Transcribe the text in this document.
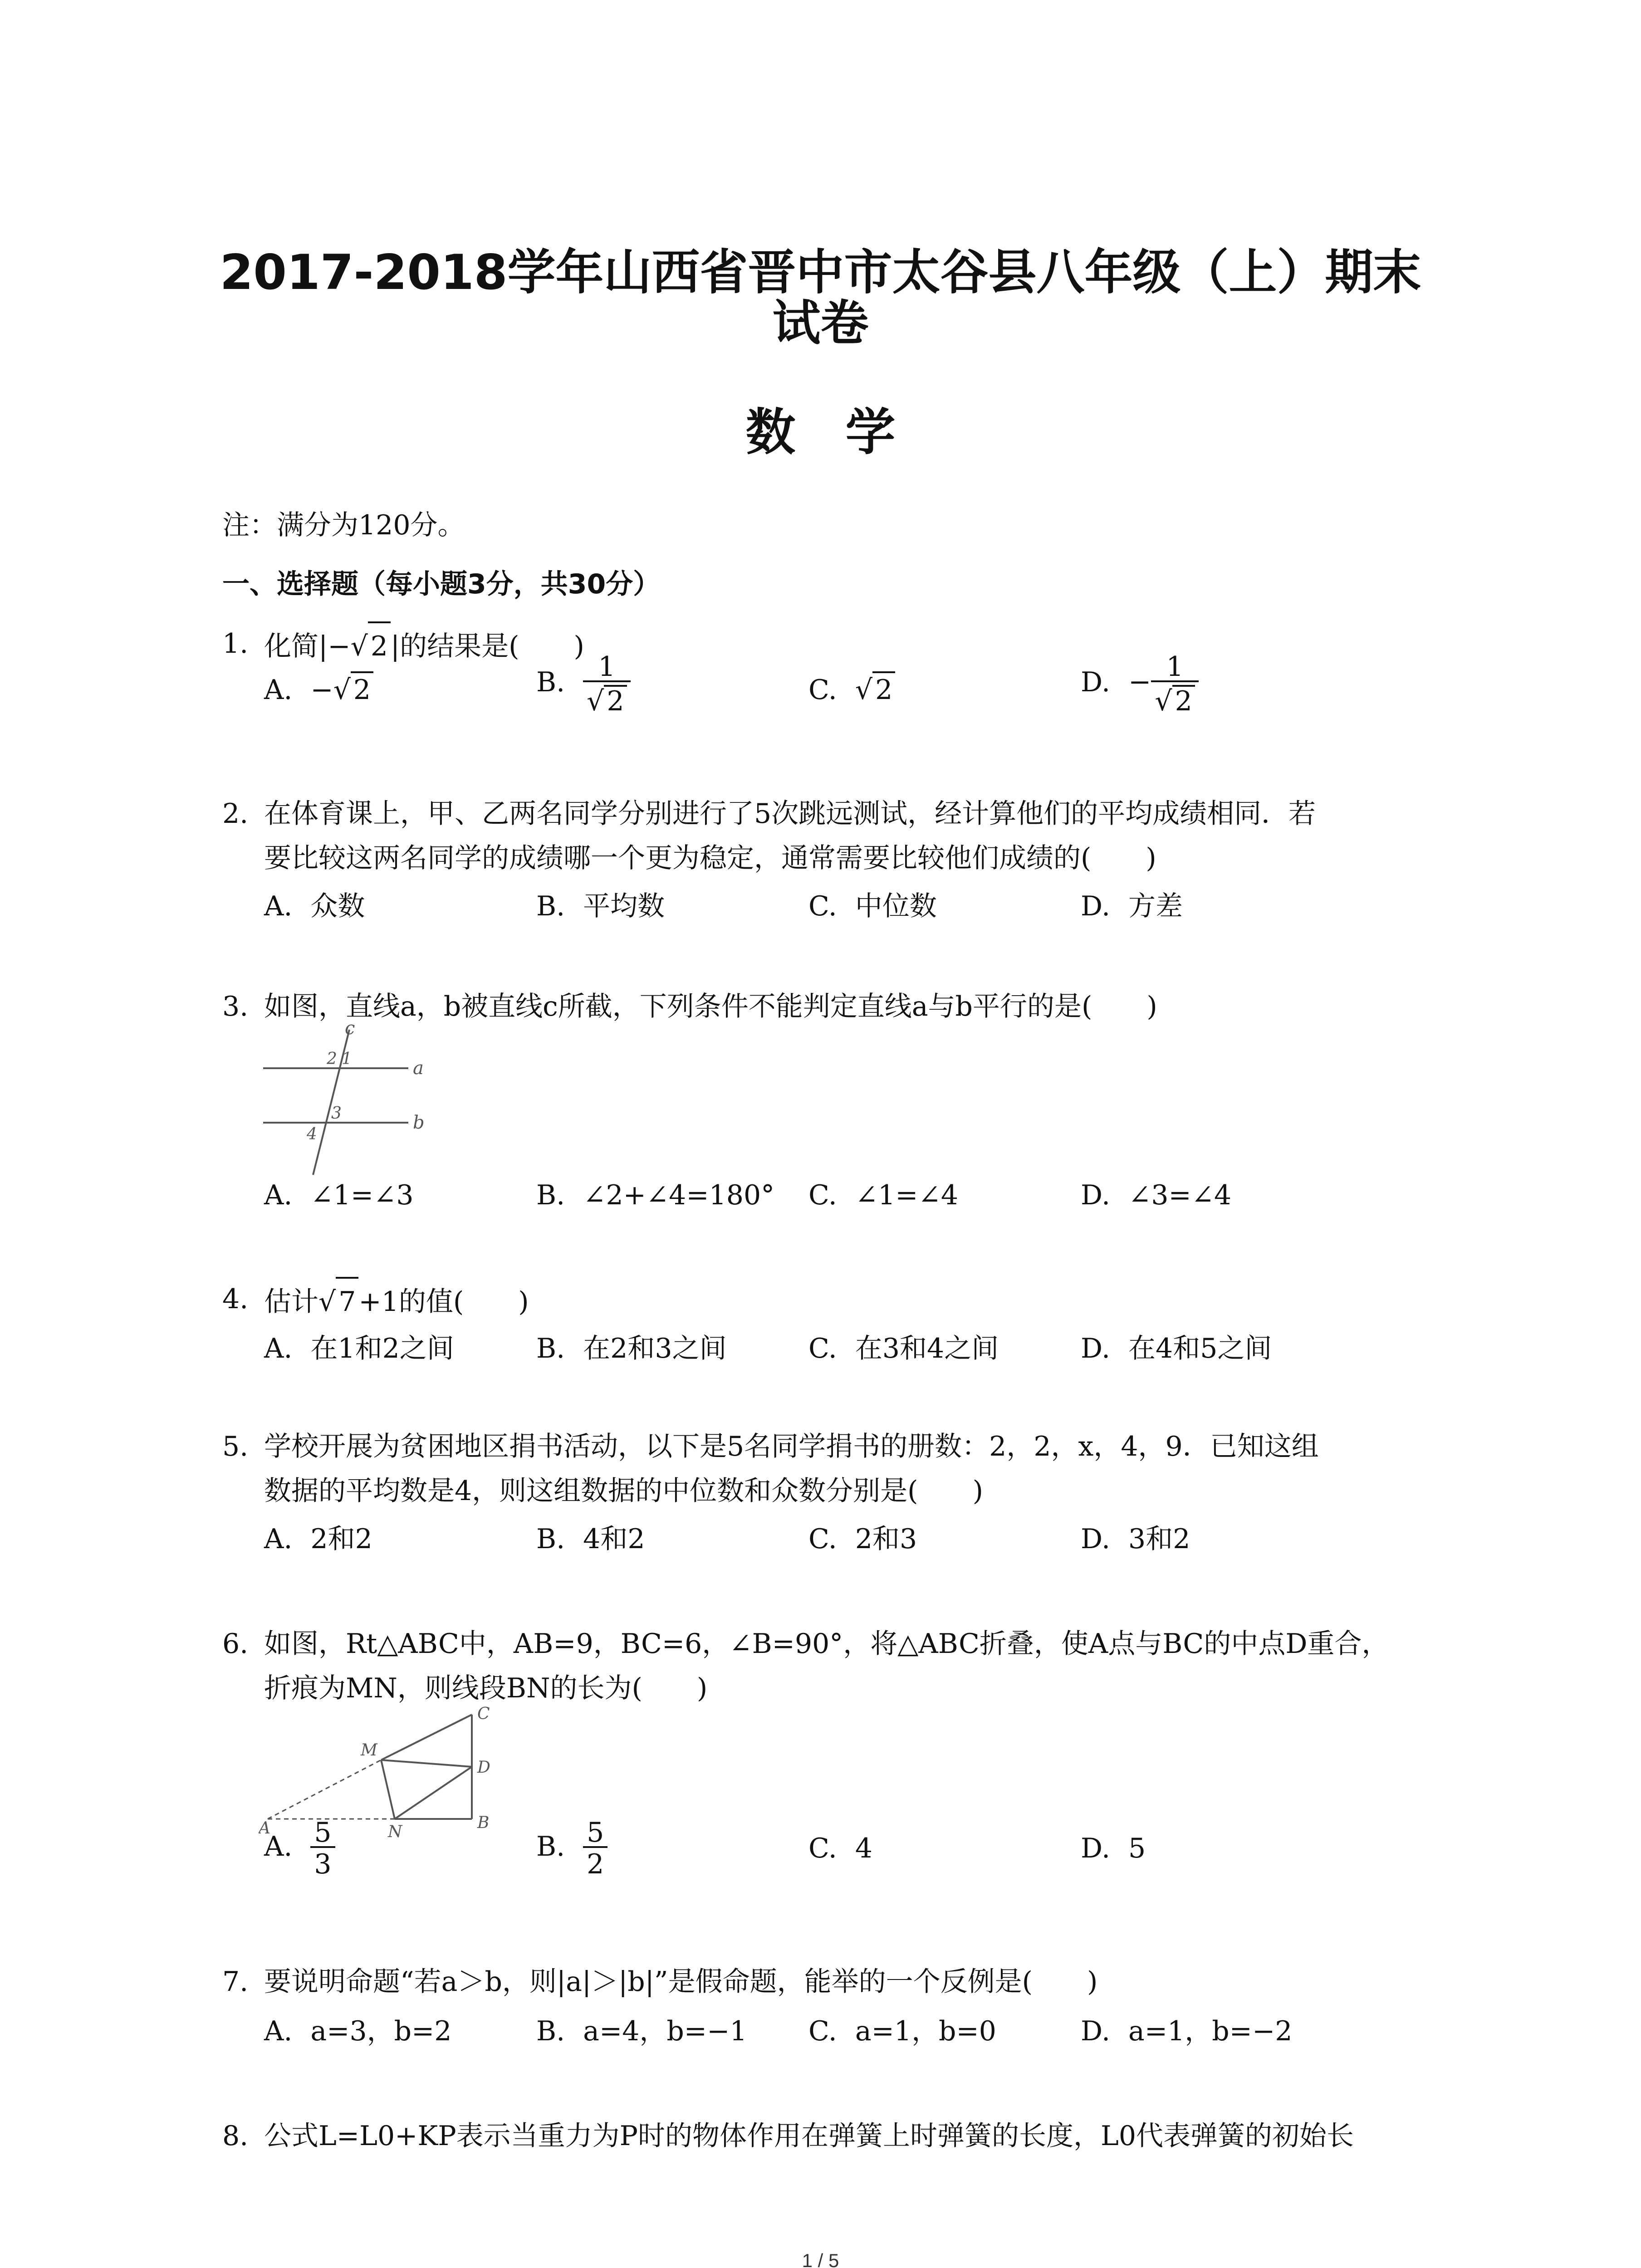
2017-2018学年山西省晋中市太谷县八年级（上）期末

试卷

数学
注：满分为120分。
一、选择题（每小题3分，共30分）
1. 化简|−√ 2 |的结果是(　　)
A. −√ 2	B. $\frac{1}{√ 2}$	C. √ 2	D. − $\frac{1}{√ 2}$
2. 在体育课上，甲、乙两名同学分别进行了5次跳远测试，经计算他们的平均成绩相同．若
要比较这两名同学的成绩哪一个更为稳定，通常需要比较他们成绩的(　　)
A. 众数	B. 平均数	C. 中位数	D. 方差
3. 如图，直线a，b被直线c所截，下列条件不能判定直线a与b平行的是(　　)
c
a
b
2 1
3
4
A. ∠1=∠3	B. ∠2+∠4=180° C. ∠1=∠4	D. ∠3=∠4
4. 估计√ 7 +1的值(　　)
A. 在1和2之间	B. 在2和3之间	C. 在3和4之间	D. 在4和5之间
5. 学校开展为贫困地区捐书活动，以下是5名同学捐书的册数：2，2，x，4，9．已知这组
数据的平均数是4，则这组数据的中位数和众数分别是(　　)
A. 2和2	B. 4和2	C. 2和3	D. 3和2
6. 如图，Rt△ABC中，AB=9，BC=6，∠B=90°，将△ABC折叠，使A点与BC的中点D重合，
折痕为MN，则线段BN的长为(　　)
A	B
C
D
M
N
A. $\frac{5}{3}$	B. $\frac{5}{2}$	C. 4	D. 5
7. 要说明命题“若a＞b，则|a|＞|b|”是假命题，能举的一个反例是(　　)
A. a=3，b=2	B. a=4，b=−1 C. a=1，b=0	D. a=1，b=−2
8. 公式L=L0+KP表示当重力为P时的物体作用在弹簧上时弹簧的长度，L0代表弹簧的初始长
1 / 5
